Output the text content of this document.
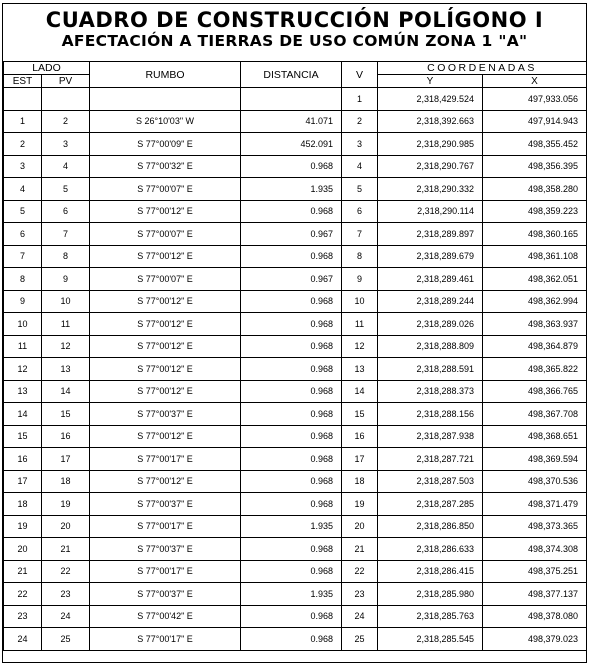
CUADRO DE CONSTRUCCIÓN POLÍGONO I
AFECTACIÓN A TIERRAS DE USO COMÚN ZONA 1 "A"
LADO		RUMBO	DISTANCIA	V	COORDENADAS	
EST	PV				Y	X
				1	2,318,429.524	497,933.056
1	2	S 26°10'03" W	41.071	2	2,318,392.663	497,914.943
2	3	S 77°00'09" E	452.091	3	2,318,290.985	498,355.452
3	4	S 77°00'32" E	0.968	4	2,318,290.767	498,356.395
4	5	S 77°00'07" E	1.935	5	2,318,290.332	498,358.280
5	6	S 77°00'12" E	0.968	6	2,318,290.114	498,359.223
6	7	S 77°00'07" E	0.967	7	2,318,289.897	498,360.165
7	8	S 77°00'12" E	0.968	8	2,318,289.679	498,361.108
8	9	S 77°00'07" E	0.967	9	2,318,289.461	498,362.051
9	10	S 77°00'12" E	0.968	10	2,318,289.244	498,362.994
10	11	S 77°00'12" E	0.968	11	2,318,289.026	498,363.937
11	12	S 77°00'12" E	0.968	12	2,318,288.809	498,364.879
12	13	S 77°00'12" E	0.968	13	2,318,288.591	498,365.822
13	14	S 77°00'12" E	0.968	14	2,318,288.373	498,366.765
14	15	S 77°00'37" E	0.968	15	2,318,288.156	498,367.708
15	16	S 77°00'12" E	0.968	16	2,318,287.938	498,368.651
16	17	S 77°00'17" E	0.968	17	2,318,287.721	498,369.594
17	18	S 77°00'12" E	0.968	18	2,318,287.503	498,370.536
18	19	S 77°00'37" E	0.968	19	2,318,287.285	498,371.479
19	20	S 77°00'17" E	1.935	20	2,318,286.850	498,373.365
20	21	S 77°00'37" E	0.968	21	2,318,286.633	498,374.308
21	22	S 77°00'17" E	0.968	22	2,318,286.415	498,375.251
22	23	S 77°00'37" E	1.935	23	2,318,285.980	498,377.137
23	24	S 77°00'42" E	0.968	24	2,318,285.763	498,378.080
24	25	S 77°00'17" E	0.968	25	2,318,285.545	498,379.023
